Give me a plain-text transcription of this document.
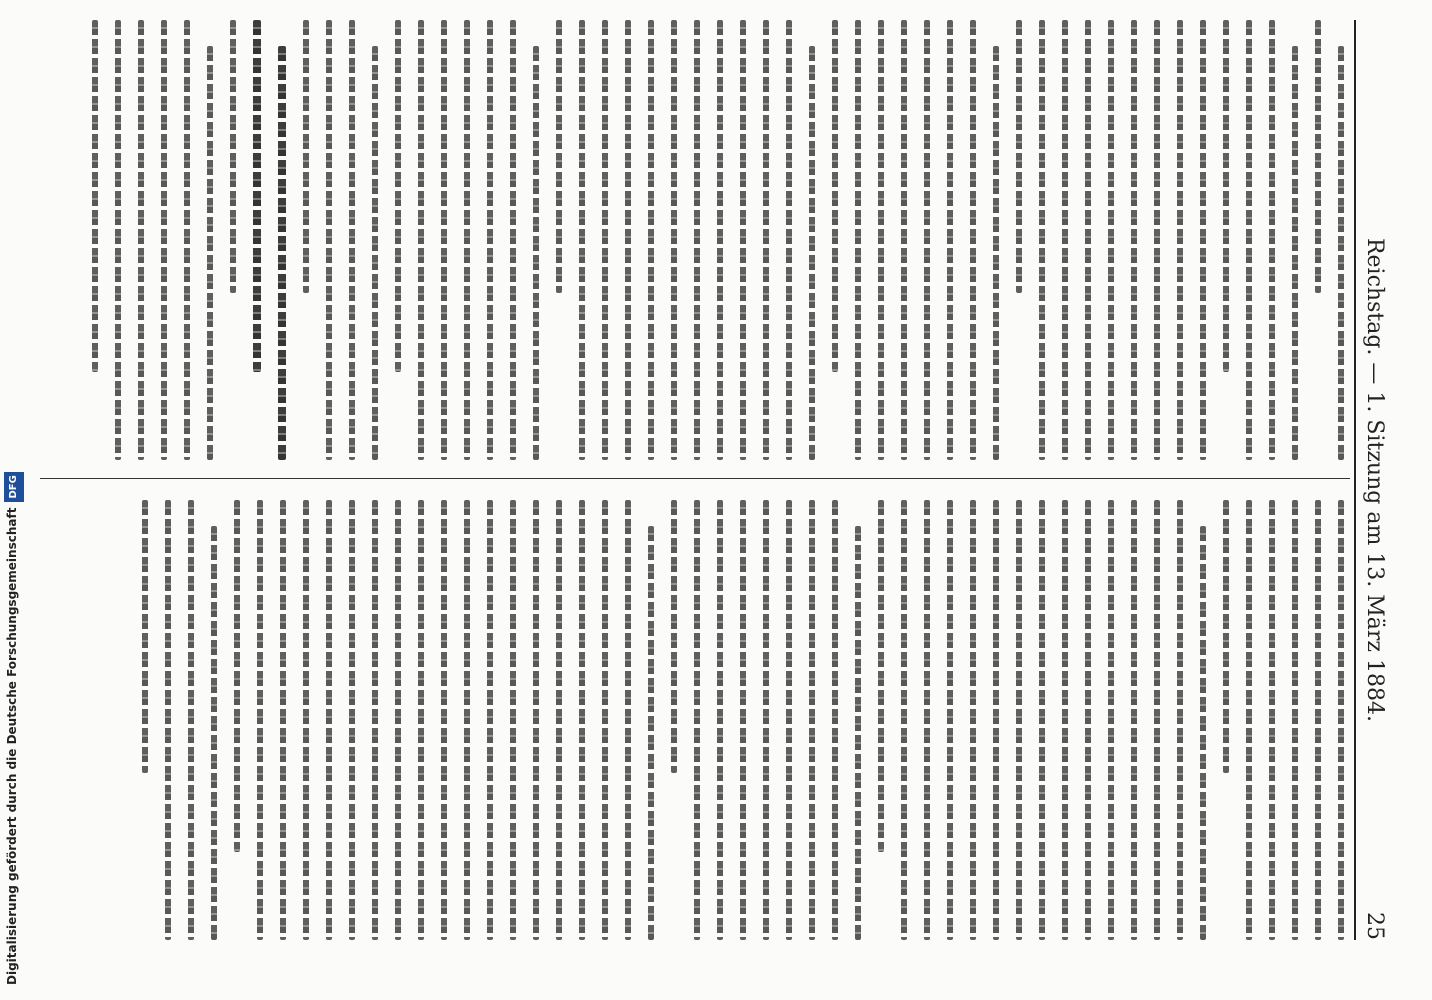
Reichstag. — 1. Sitzung am 13. März 1884.
25
Digitalisierung gefördert durch die Deutsche ForschungsgemeinschaftDFG
